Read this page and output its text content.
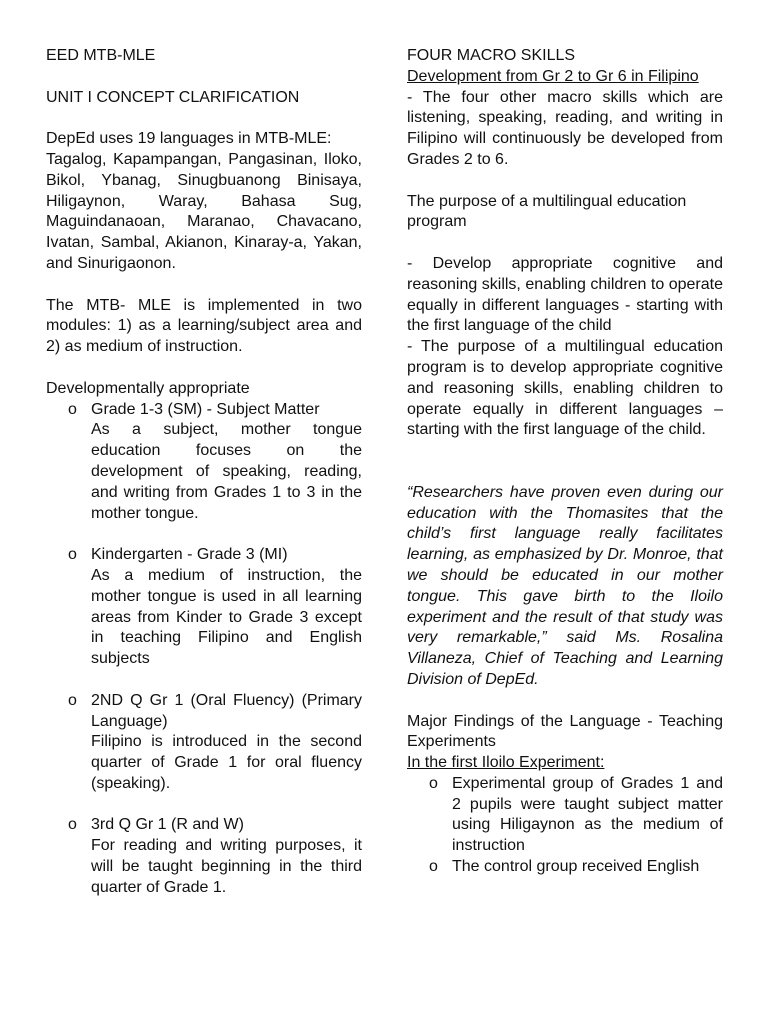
EED MTB-MLE

UNIT I CONCEPT CLARIFICATION

DepEd uses 19 languages in MTB-MLE:

Tagalog, Kapampangan, Pangasinan, Iloko, Bikol, Ybanag, Sinugbuanong Binisaya, Hiligaynon, Waray, Bahasa Sug, Maguindanaoan, Maranao, Chavacano, Ivatan, Sambal, Akianon, Kinaray-a, Yakan, and Sinurigaonon.

The MTB- MLE is implemented in two modules: 1) as a learning/subject area and 2) as medium of instruction.

Developmentally appropriate

o Grade 1-3 (SM) - Subject Matter

As a subject, mother tongue education focuses on the development of speaking, reading, and writing from Grades 1 to 3 in the mother tongue.

o Kindergarten - Grade 3 (MI)

As a medium of instruction, the mother tongue is used in all learning areas from Kinder to Grade 3 except in teaching Filipino and English subjects

o 2ND Q Gr 1 (Oral Fluency) (Primary Language)

Filipino is introduced in the second quarter of Grade 1 for oral fluency (speaking).

o 3rd Q Gr 1 (R and W)

For reading and writing purposes, it will be taught beginning in the third quarter of Grade 1.

FOUR MACRO SKILLS

Development from Gr 2 to Gr 6 in Filipino

- The four other macro skills which are listening, speaking, reading, and writing in Filipino will continuously be developed from Grades 2 to 6.

The purpose of a multilingual education program

- Develop appropriate cognitive and reasoning skills, enabling children to operate equally in different languages - starting with the first language of the child

- The purpose of a multilingual education program is to develop appropriate cognitive and reasoning skills, enabling children to operate equally in different languages – starting with the first language of the child.

“Researchers have proven even during our education with the Thomasites that the child’s first language really facilitates learning, as emphasized by Dr. Monroe, that we should be educated in our mother tongue. This gave birth to the Iloilo experiment and the result of that study was very remarkable,” said Ms. Rosalina Villaneza, Chief of Teaching and Learning Division of DepEd.

Major Findings of the Language - Teaching Experiments

In the first Iloilo Experiment:

o Experimental group of Grades 1 and 2 pupils were taught subject matter using Hiligaynon as the medium of instruction

o The control group received English
